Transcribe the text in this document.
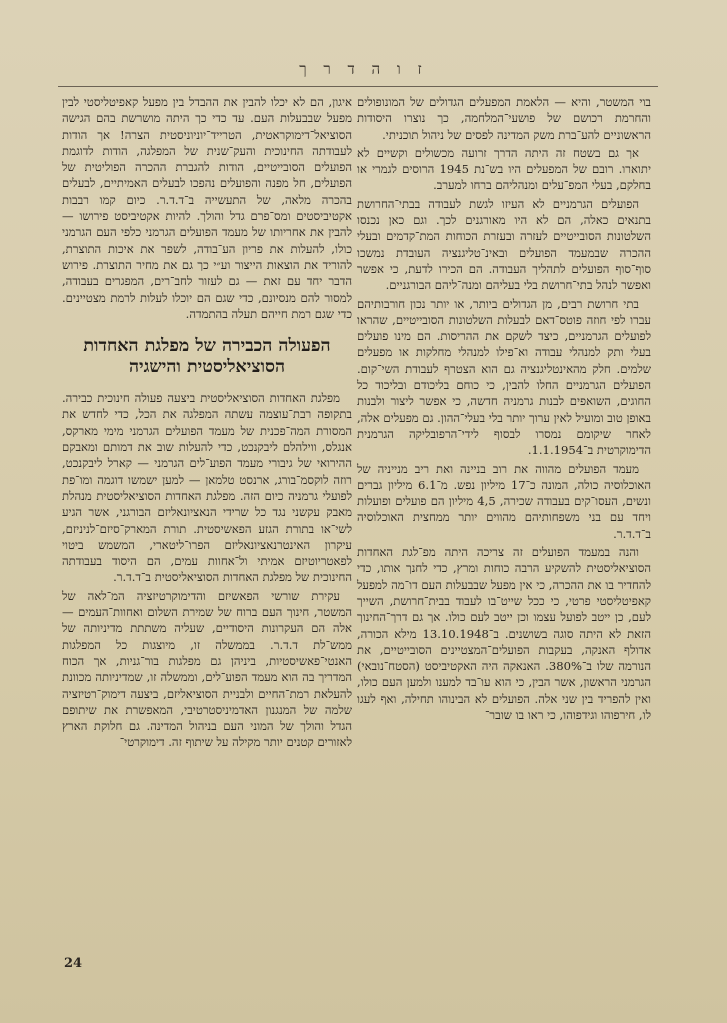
ז ו ה ד ר ך

בוי המשטר, והיא — הלאמת המפעלים הגדולים של המונופולים והחרמת רכושם של פושעי־המלחמה, כך נוצרו היסודות הראשוניים להע־ברת משק המדינה לפסים של ניהול תוכניתי.

אך גם בשטח זה היתה הדרך זרועה מכשולים וקשיים לא יתוארו. רובם של המפעלים היו בש־נת 1945 הרוסים לגמרי או בחלקם, בעלי המפ־עלים ומנהליהם ברחו למערב.

הפועלים הגרמניים לא העיזו לגשת לעבודה בבתי־החרושת בתנאים כאלה, הם לא היו מאורגנים לכך. וגם כאן נכנסו השלטונות הסובייטיים לעזרה ובעזרת הכוחות המת־קדמים ובעלי ההכרה שבמעמד הפועלים ובאינ־טליגנציה העובדת נמשכו סוף־סוף הפועלים לתהליך העבודה. הם הכירו לדעת, כי אפשר ואפשר לנהל בתי־חרושת בלי בעליהם ומנה־ליהם הבורגניים.

בתי חרושת רבים, מן הגדולים ביותר, או יותר נכון חורבותיהם עברו לפי חוזה פוטס־דאם לבעלות השלטונות הסובייטיים, שהראו לפועלים הגרמניים, כיצד לשקם את ההריסות. הם מינו פועלים בעלי ותק למנהלי עבודה וא־פילו למנהלי מחלקות או מפעלים שלמים. חלק מהאינטליגנציה גם הוא הצטרף לעבודת השי־קום. הפועלים הגרמניים החלו להבין, כי כוחם בליכודם ובליכוד כל החוגים, השואפים לבנות גרמניה חדשה, כי אפשר ליצור ולבנות באופן טוב ומועיל לאין ערוך יותר בלי בעלי־ההון. גם מפעלים אלה, לאחר שיקומם נמסרו לבסוף לידי־הרפובליקה הגרמנית הדימוקרטית ב־1.1.1954.

מעמד הפועלים מהווה את רוב בניינה ואת ריב מנייניה של האוכלוסיה כולה, המונה כ־17 מיליון נפש. מ־6.1 מיליון גברים ונשים, העסו־קים בעבודה שכירה, 4,5 מיליון הם פועלים ופועלות ויחד עם בני משפחותיהם מהווים יותר ממחצית האוכלוסיה ב־ד.ד.ר.

והנה במעמד הפועלים זה צריכה היתה מפ־לגת האחדות הסוציאליסטית להשקיע הרבה כוחות ומרץ, כדי לחנך אותו, כדי להחדיר בו את ההכרה, כי אין מפעל שבבעלות העם דו־מה למפעל קאפיטליסטי פרטי, כי ככל שייט־בו לעבוד בבית־חרושת, השייך לעם, כן ייטב לפועל עצמו וכן ייטב לעם כולו. אך גם דרך־החינוך הזאת לא היתה סוגה בשושנים. ב־13.10.1948 מילא הכורה, אדולף האנקה, בעקבות הפועלים־המצטיינים הסובייטיים, את הנורמה שלו ב־380%. האנאקה היה האקטיביסט (הסטח־נובאי) הגרמני הראשון, אשר הבין, כי הוא עו־בד למענו ולמען העם כולו, ואין להפריד בין שני אלה. הפועלים לא הבינוהו תחילה, ואף לעגו לו, חירפוהו וגידפוהו, כי ראו בו שובר־

איגון, הם לא יכלו להבין את ההבדל בין מפעל קאפיטליסטי לבין מפעל שבבעלות העם. עד כדי כך היתה מושרשת בהם הגישה הסוציאל־דימוקראטית, הטרייד־יוניוניסטית הצרה! אך הודות לעבודתה החינוכית והעק־שנית של המפלגה, הודות לדוגמת הפועלים הסובייטיים, הודות להגברת ההכרה הפוליטית של הפועלים, חל מפנה והפועלים נהפכו לבעלים האמיתיים, לבעלים בהכרה מלאה, של התעשייה ב־ד.ד.ר. כיום קמו רבבות אקטיביסטים ומס־פרם גדל והולך. להיות אקטיביסט פירושו — להבין את אחריותו של מעמד הפועלים הגרמני כלפי העם הגרמני כולו, להעלות את פריון הע־בודה, לשפר את איכות התוצרת, להוריד את הוצאות הייצור וע״י כך גם את מחיר התוצרת. פירוש הדבר יחד עם זאת — גם לעזור לחב־רים, המפגרים בעבודה, למסור להם מנסיונם, כדי שגם הם יוכלו לעלות לרמת מצטיינים. כדי שגם רמת חייהם תעלה בהתמדה.

הפעולה הכבירה של מפלגת האחדות הסוציאליסטית והישגיה

מפלגת האחדות הסוציאליסטית ביצעה פעולה חינוכית כבירה. בתקופה רבת־עוצמה עשתה המפלגה את הכל, כדי לחדש את המסורת המה־פכנית של מעמד הפועלים הגרמני מימי מארקס, אנגלס, ווילהלם ליבקנכט, כדי להעלות שוב את דמותם ומאבקם ההירואי של גיבורי מעמד הפוע־לים הגרמני — קארל ליבקנכט, רוזה לוקסמ־בורג, ארנסט טלמאן — למען ישמשו דוגמה ומו־פת לפועלי גרמניה כיום הזה. מפלגת האחדות הסוציאליסטית מנהלת מאבק עקשני נגד כל שרידי הנאציונאליזם הבורגני, אשר הגיע לשי־או בתורת הגזע הפאשיסטית. תורת המארק־סיזם־לניניזם, עיקרון האינטרנאציונאליזם הפרו־ליטארי, המשמש ביטוי לפאטריוטיזם אמיתי ול־אחוות עמים, הם היסוד בעבודתה החינוכית של מפלגת האחדות הסוציאליסטית ב־ד.ד.ר.

עקירת שורשי הפאשיזם והדימוקרטיזציה המ־לאה של המשטר, חינוך העם ברוח של שמירת השלום ואחוות־העמים — אלה הם העקרונות היסודיים, שעליה משתתת מדיניותה של ממש־לת ד.ד.ר. בממשלה זו, מיוצגות כל המפלגות האנטי־פאשיסטיות, ביניהן גם מפלגות בור־גניות, אך הכוח המדריך בה הוא מעמד הפוע־לים, וממשלה זו, שמדיניותה מכוונת להעלאת רמת־החיים ולבניית הסוציאליזם, ביצעה דימוק־רטיזציה שלמה של המנגנון האדמיניסטרטיבי, המאפשרת את שיתופם הגדל והולך של המוני העם בניהול המדינה. גם חלוקת הארץ לאזורים קטנים יותר מקילה על שיתוף זה. דימוקרטי־

24
